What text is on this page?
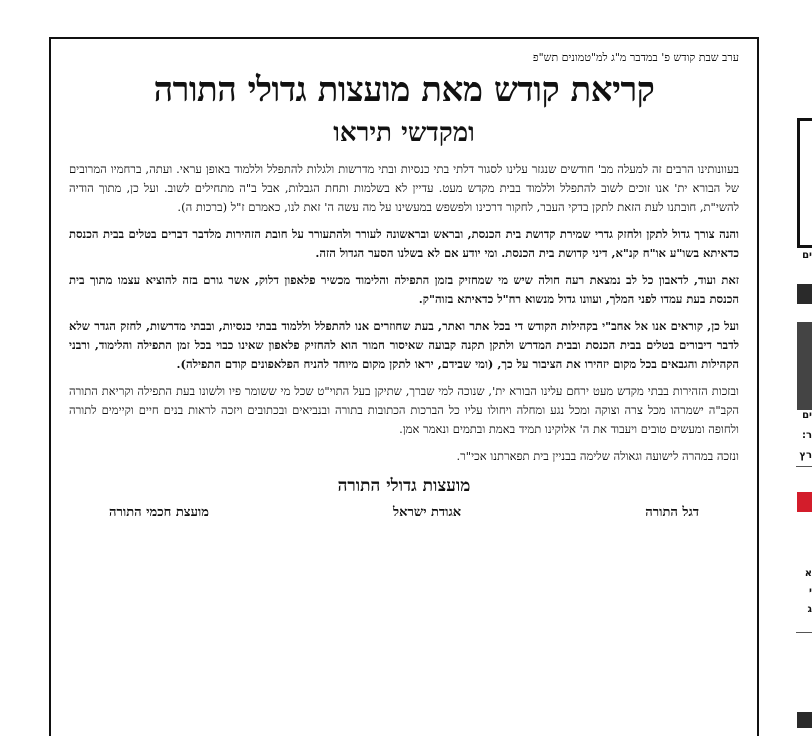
ערב שבת קודש פ' במדבר מ"ג למ"טמונים תש"פ
קריאת קודש מאת מועצות גדולי התורה
ומקדשי תיראו

בעוונותינו הרבים זה למעלה מב' חודשים שנגזר עלינו לסגור דלתי בתי כנסיות ובתי מדרשות ולגלות להתפלל וללמוד באופן עראי. ועתה, ברחמיו המרובים של הבורא ית' אנו זוכים לשוב להתפלל וללמוד בבית מקדש מעט. עדיין לא בשלמות ותחת הגבלות, אבל ב"ה מתחילים לשוב. ועל כן, מתוך הודיה להשי"ת, חובתנו לעת הזאת לתקן בדקי העבר, לחקור דרכינו ולפשפש במעשינו על מה עשה ה' זאת לנו, כאמרם ז"ל (ברכות ה).

והנה צורך גדול לתקן ולחזק גדרי שמירת קדושת בית הכנסת, ובראש ובראשונה לעורר ולהתעורר על חובת הזהירות מלדבר דברים בטלים בבית הכנסת כדאיתא בשו"ע או"ח קנ"א, דיני קדושת בית הכנסת. ומי יודע אם לא בשלנו הסער הגדול הזה.

זאת ועוד, לדאבון כל לב נמצאת רעה חולה שיש מי שמחזיק בזמן התפילה והלימוד מכשיר פלאפון דלוק, אשר גורם בזה להוציא עצמו מתוך בית הכנסת בעת עמדו לפני המלך, ועוונו גדול מנשוא רח"ל כדאיתא בזוה"ק.

ועל כן, קוראים אנו אל אחב"י בקהילות הקודש די בכל אתר ואתר, בעת שחוזרים אנו להתפלל וללמוד בבתי כנסיות, ובבתי מדרשות, לחזק הגדר שלא לדבר דיבורים בטלים בבית הכנסת ובבית המדרש ולתקן תקנה קבועה שאיסור חמור הוא להחזיק פלאפון שאינו כבוי בכל זמן התפילה והלימוד, ורבני הקהילות והגבאים בכל מקום יזהירו את הציבור על כך, (ומי שבידם, יראו לתקן מקום מיוחד להניח הפלאפונים קודם התפילה).

ובזכות הזהירות בבתי מקדש מעט ירחם עלינו הבורא ית', שנוכה למי שברך, שתיקן בעל התוי"ט שכל מי ששומר פיו ולשונו בעת התפילה וקריאת התורה הקב"ה ישמרהו מכל צרה וצוקה ומכל נגע ומחלה ויחולו עליו כל הברכות הכתובות בתורה ובנביאים ובכתובים ויזכה לראות בנים חיים וקיימים לתורה ולחופה ומעשים טובים ויעבוד את ה' אלוקינו תמיד באמת ובתמים ונאמר אמן.

ונזכה במהרה לישועה וגאולה שלימה בבניין בית תפארתנו אכי"ר.

מועצות גדולי התורה
דגל התורה
אגודת ישראל
מועצת חכמי התורה
ים
ים
ר:
רץ
א
י
ג
